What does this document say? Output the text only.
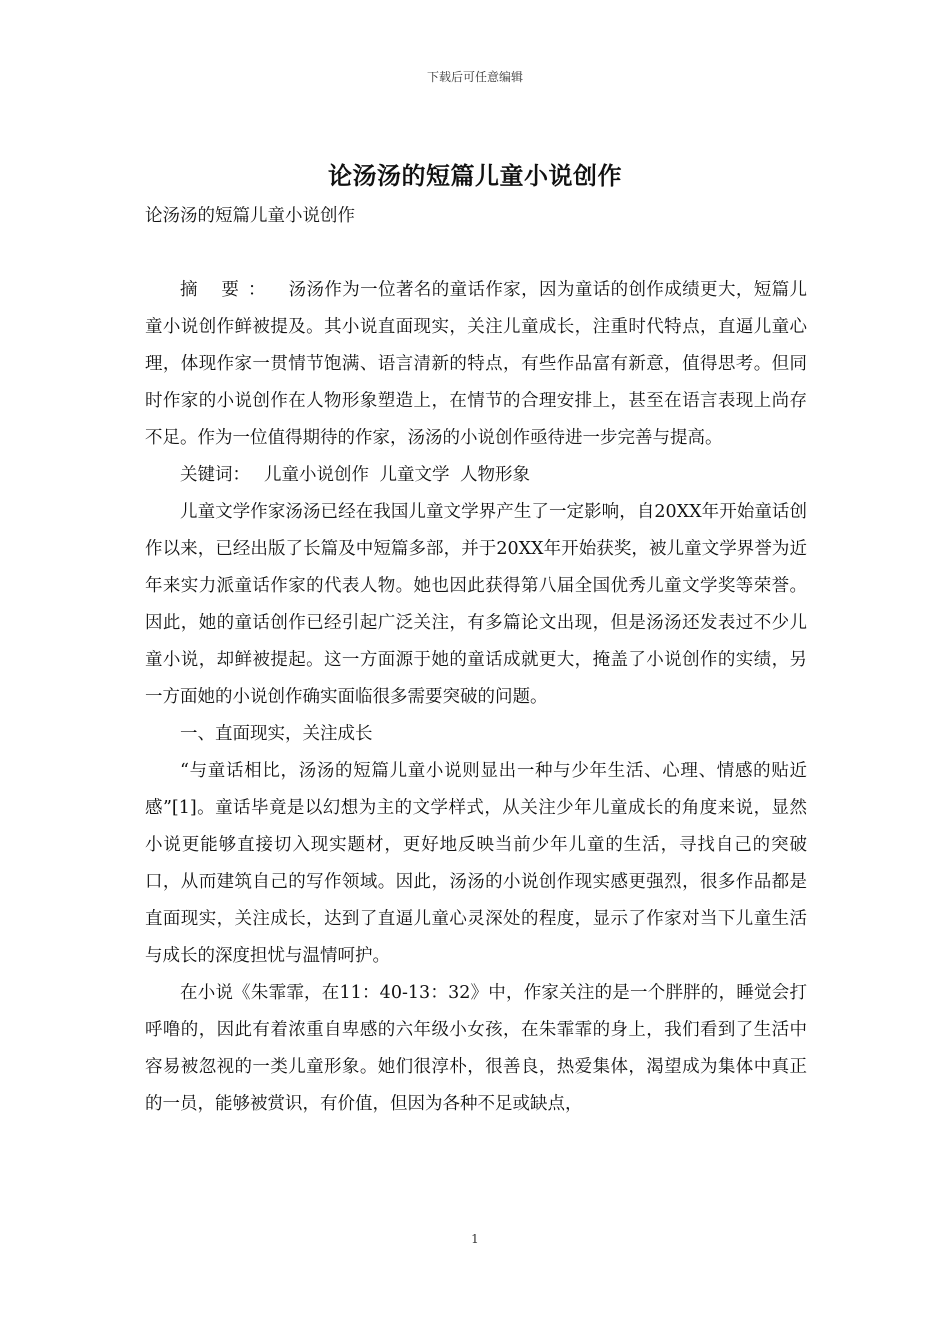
下载后可任意编辑
论汤汤的短篇儿童小说创作

论汤汤的短篇儿童小说创作

摘 要： 汤汤作为一位著名的童话作家，因为童话的创作成绩更大，短篇儿童小说创作鲜被提及。其小说直面现实，关注儿童成长，注重时代特点，直逼儿童心理，体现作家一贯情节饱满、语言清新的特点，有些作品富有新意，值得思考。但同时作家的小说创作在人物形象塑造上，在情节的合理安排上，甚至在语言表现上尚存不足。作为一位值得期待的作家，汤汤的小说创作亟待进一步完善与提高。

关键词： 儿童小说创作 儿童文学 人物形象

儿童文学作家汤汤已经在我国儿童文学界产生了一定影响，自20XX年开始童话创作以来，已经出版了长篇及中短篇多部，并于20XX年开始获奖，被儿童文学界誉为近年来实力派童话作家的代表人物。她也因此获得第八届全国优秀儿童文学奖等荣誉。因此，她的童话创作已经引起广泛关注，有多篇论文出现，但是汤汤还发表过不少儿童小说，却鲜被提起。这一方面源于她的童话成就更大，掩盖了小说创作的实绩，另一方面她的小说创作确实面临很多需要突破的问题。

一、直面现实，关注成长

“与童话相比，汤汤的短篇儿童小说则显出一种与少年生活、心理、情感的贴近感”[1]。童话毕竟是以幻想为主的文学样式，从关注少年儿童成长的角度来说，显然小说更能够直接切入现实题材，更好地反映当前少年儿童的生活，寻找自己的突破口，从而建筑自己的写作领域。因此，汤汤的小说创作现实感更强烈，很多作品都是直面现实，关注成长，达到了直逼儿童心灵深处的程度，显示了作家对当下儿童生活与成长的深度担忧与温情呵护。

在小说《朱霏霏，在11：40-13：32》中，作家关注的是一个胖胖的，睡觉会打呼噜的，因此有着浓重自卑感的六年级小女孩，在朱霏霏的身上，我们看到了生活中容易被忽视的一类儿童形象。她们很淳朴，很善良，热爱集体，渴望成为集体中真正的一员，能够被赏识，有价值，但因为各种不足或缺点，

1
